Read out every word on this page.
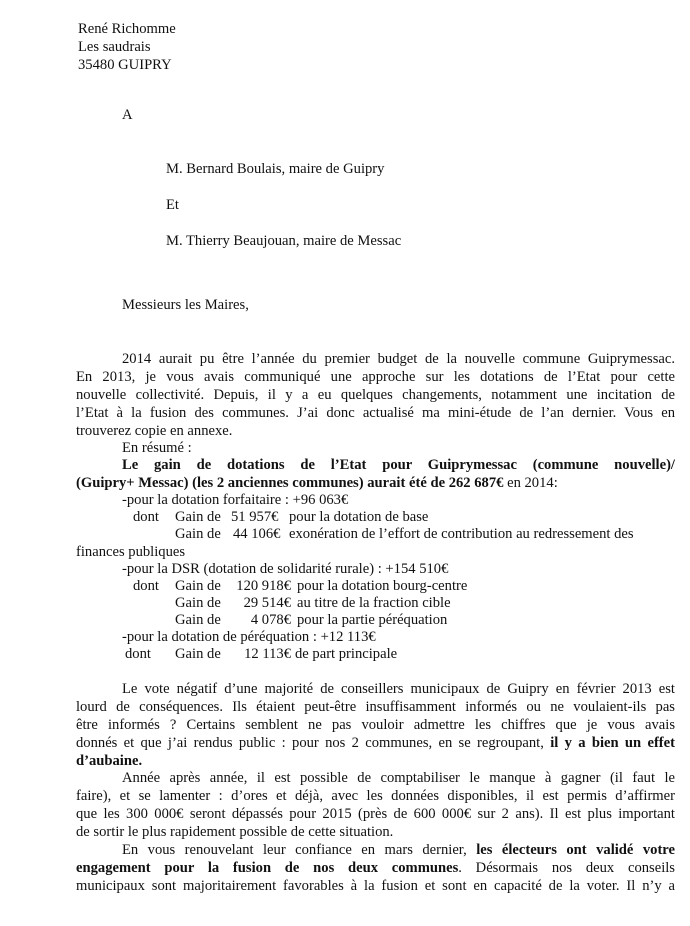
René Richomme
Les saudrais
35480 GUIPRY
A
M. Bernard Boulais, maire de Guipry
Et
M. Thierry Beaujouan, maire de Messac
Messieurs les Maires,
2014 aurait pu être l’année du premier budget de la nouvelle commune Guiprymessac.
En 2013, je vous avais communiqué une approche sur les dotations de l’Etat pour cette
nouvelle collectivité. Depuis, il y a eu quelques changements, notamment une incitation de
l’Etat à la fusion des communes. J’ai donc actualisé ma mini-étude de l’an dernier. Vous en
trouverez copie en annexe.
En résumé :
Le gain de dotations de l’Etat pour Guiprymessac (commune nouvelle)/
(Guipry+ Messac) (les 2 anciennes communes) aurait été de 262 687€ en 2014:
-pour la dotation forfaitaire : +96 063€
dont Gain de 51 957€ pour la dotation de base
Gain de 44 106€ exonération de l’effort de contribution au redressement des
finances publiques
-pour la DSR (dotation de solidarité rurale) : +154 510€
dont Gain de 120 918€ pour la dotation bourg-centre
Gain de 29 514€ au titre de la fraction cible
Gain de 4 078€ pour la partie péréquation
-pour la dotation de péréquation : +12 113€
dont Gain de 12 113€ de part principale
Le vote négatif d’une majorité de conseillers municipaux de Guipry en février 2013 est
lourd de conséquences. Ils étaient peut-être insuffisamment informés ou ne voulaient-ils pas
être informés ? Certains semblent ne pas vouloir admettre les chiffres que je vous avais
donnés et que j’ai rendus public : pour nos 2 communes, en se regroupant, il y a bien un effet
d’aubaine.
Année après année, il est possible de comptabiliser le manque à gagner (il faut le
faire), et se lamenter : d’ores et déjà, avec les données disponibles, il est permis d’affirmer
que les 300 000€ seront dépassés pour 2015 (près de 600 000€ sur 2 ans). Il est plus important
de sortir le plus rapidement possible de cette situation.
En vous renouvelant leur confiance en mars dernier, les électeurs ont validé votre
engagement pour la fusion de nos deux communes. Désormais nos deux conseils
municipaux sont majoritairement favorables à la fusion et sont en capacité de la voter. Il n’y a
